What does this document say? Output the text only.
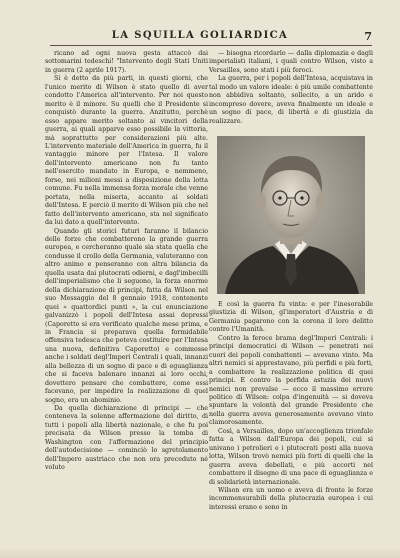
LA SQUILLA GOLIARDICA	7

ricano ad ogni nuova gesta attaccò dai sottomarini tedeschi! "Intervento degli Stati Uniti in guerra (2 aprile 1917).

Si è detto da più parti, in questi giorni, che l'unico merito di Wilson è stato quello di aver condotto l'America all'intervento. Per noi questo merito è il minore. Su quelli che il Presidente si conquistò durante la guerra. Anzitutto, perchè esso appare merito soltanto ai vincitori della guerra, ai quali apparve esso possibile la vittoria, mà soprattutto per considerazioni più alte. L'intervento materiale dell'America in guerra, fu il vantaggio minore per l'Intesa. Il valore dell'intervento americano non fu tanto nell'esercito mandato in Europa, e nemmeno, forse, nei milioni messi a disposizione della lotta comune. Fu nella immensa forza morale che venne portata, nella miseria, accanto ai soldati dell'Intesa. E perciò il merito di Wilson più che nel fatto dell'intervento americano, sta nel significato da lui dato a quell'intervento.

Quando gli storici futuri faranno il bilancio delle forze che combatterono la grande guerra europea, e cercheranno quale sia stata quella che condusse il crollo della Germania, valuteranno con altro animo e penseranno con altra bilancia da quella usata dai plutocrati odierni, e dagl'imbecilli dell'imperialismo che li seguono, la forza enorme della dichiarazione di principi, fatta da Wilson nel suo Messaggio del 8 gennaio 1918, contenente quei « quattordici punti », la cui enunciazione galvanizzò i popoli dell'Intesa assai depressi (Caporetto si era verificato qualche mese prima, e in Francia si preparava quella formidabile offensiva tedesca che poteva costituire per l'Intesa una nuova, definitiva Caporetto) e commosse anche i soldati degl'Imperi Centrali i quali, innanzi alla bellezza di un sogno di pace e di eguaglianza che si faceva balenare innanzi ai loro occhi, dovettero pensare che combattere, come essi facevano, per impedire la realizzazione di quel sogno, era un abominio.

Da quella dichiarazione di principi — che conteneva la solenne affermazione del diritto, di tutti i popoli alla libertà nazionale, e che fu poi precisata da Wilson presso la tomba di Washington con l'affermazione del principio dell'autodecisione — cominciò lo sgretolamento dell'Impero austriaco che non ora preceduto né voluto

— bisogna ricordarlo — dalla diplomazia e dagli imperialisti italiani, i quali contro Wilson, visto a Versailles, sono stati i più feroci.

La guerra, per i popoli dell'Intesa, acquistava in tal modo un valore ideale: è più umile combattente non abbidiva soltanto, sollecito, a un arido e incompreso dovere, aveva finalmente un ideale e un sogno di pace, di libertà e di giustizia da realizzare.

E così la guerra fu vinta: e per l'inesorabile giustizia di Wilson, gl'imperatori d'Austria e di Germania pagarono con la corona il loro delitto contro l'Umanità.

Contro la feroce brama degl'Imperi Centrali: i principi democratici di Wilson — penetrati nei cuori dei popoli combattenti — avevano vinto. Ma altri nemici si apprestavano, più perfidi e più forti, a combattere la realizzazione politica di quei principi. E contro la perfida astuzia dei nuovi nemici non prevalse — ecco il massimo errore politico di Wilson: colpa d'ingenuità — si doveva spuntare la volontà del grande Presidente che nella guerra aveva generosamente avevano vinto clamorosamente.

Così, a Versailles, dopo un'accoglienza trionfale fatta a Wilson dall'Europa dei popoli, cui si univano i petrolieri e i plutocrati posti alla nuova lotta, Wilson trovò nemici più forti di quelli che la guerra aveva debellati, e più accorti nel combattere il disegno di una pace di eguaglianza e di solidarietà internazionale.

Wilson era un uomo e aveva di fronte le forze incommensurabili della plutocrazia europea i cui interessi erano e sono in
